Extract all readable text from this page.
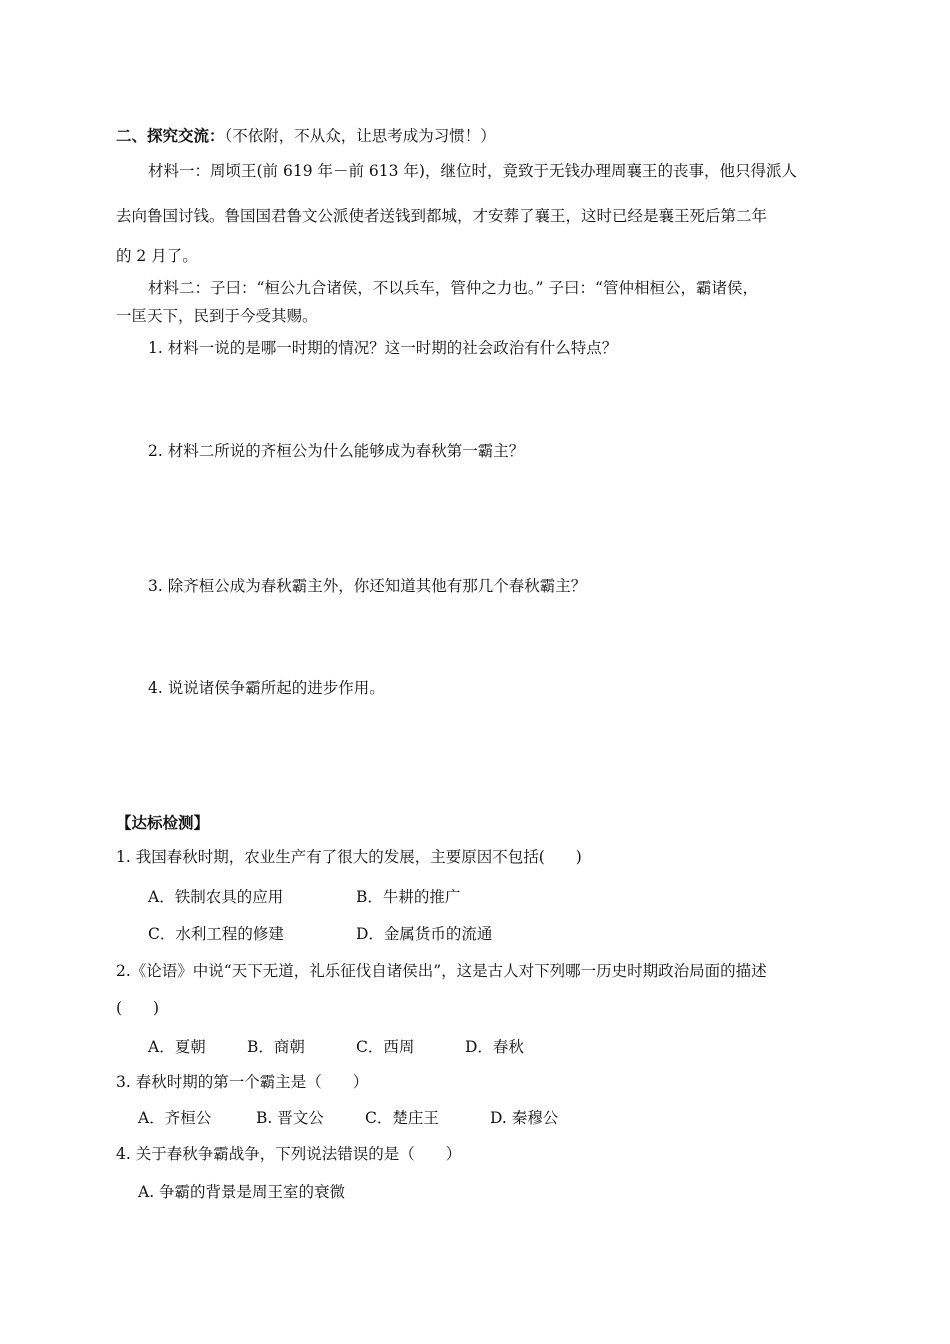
二、探究交流：（不依附，不从众，让思考成为习惯！）
材料一：周顷王(前 619 年－前 613 年)，继位时，竟致于无钱办理周襄王的丧事，他只得派人
去向鲁国讨钱。鲁国国君鲁文公派使者送钱到都城，才安葬了襄王，这时已经是襄王死后第二年
的 2 月了。
材料二：子曰：“桓公九合诸侯，不以兵车，管仲之力也。” 子曰：“管仲相桓公，霸诸侯，
一匡天下，民到于今受其赐。
1. 材料一说的是哪一时期的情况？这一时期的社会政治有什么特点？
2. 材料二所说的齐桓公为什么能够成为春秋第一霸主？
3. 除齐桓公成为春秋霸主外，你还知道其他有那几个春秋霸主？
4. 说说诸侯争霸所起的进步作用。
【达标检测】
1. 我国春秋时期，农业生产有了很大的发展，主要原因不包括(　　)
A．铁制农具的应用	B．牛耕的推广
C．水利工程的修建	D．金属货币的流通
2.《论语》中说“天下无道，礼乐征伐自诸侯出”，这是古人对下列哪一历史时期政治局面的描述
(　　)
A．夏朝	B．商朝	C．西周	D．春秋
3. 春秋时期的第一个霸主是（　　）
A．齐桓公	B. 晋文公	C．楚庄王	D. 秦穆公
4. 关于春秋争霸战争，下列说法错误的是（　　）
A. 争霸的背景是周王室的衰微
